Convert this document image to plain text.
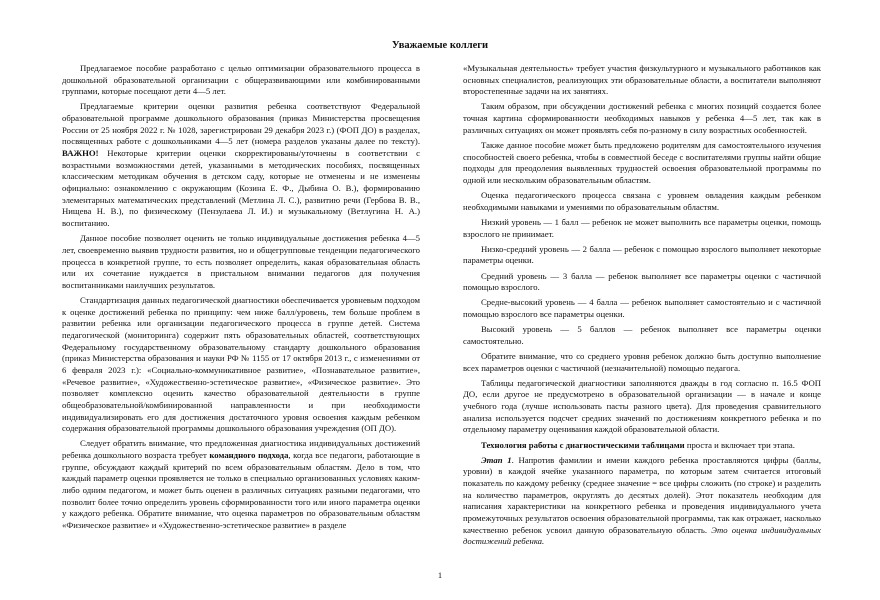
Уважаемые коллеги

Предлагаемое пособие разработано с целью оптимизации образовательного процесса в дошкольной образовательной организации с общеразвивающими или комбинированными группами, которые посещают дети 4—5 лет.

Предлагаемые критерии оценки развития ребенка соответствуют Федеральной образовательной программе дошкольного образования (приказ Министерства просвещения России от 25 ноября 2022 г. № 1028, зарегистрирован 29 декабря 2023 г.) (ФОП ДО) в разделах, посвященных работе с дошкольниками 4—5 лет (номера разделов указаны далее по тексту). ВАЖНО! Некоторые критерии оценки скорректированы/уточнены в соответствии с возрастными возможностями детей, указанными в методических пособиях, посвященных классическим методикам обучения в детском саду, которые не отменены и не изменены официально: ознакомлению с окружающим (Козина Е. Ф., Дыбина О. В.), формированию элементарных математических представлений (Метлина Л. С.), развитию речи (Гербова В. В., Нищева Н. В.), по физическому (Пензулаева Л. И.) и музыкальному (Ветлугина Н. А.) воспитанию.

Данное пособие позволяет оценить не только индивидуальные достижения ребенка 4—5 лет, своевременно выявив трудности развития, но и общегрупповые тенденции педагогического процесса в конкретной группе, то есть позволяет определить, какая образовательная область или их сочетание нуждается в пристальном внимании педагогов для получения воспитанниками наилучших результатов.

Стандартизация данных педагогической диагностики обеспечивается уровневым подходом к оценке достижений ребенка по принципу: чем ниже балл/уровень, тем больше проблем в развитии ребенка или организации педагогического процесса в группе детей. Система педагогической (мониторинга) содержит пять образовательных областей, соответствующих Федеральному государственному образовательному стандарту дошкольного образования (приказ Министерства образования и науки РФ № 1155 от 17 октября 2013 г., с изменениями от 6 февраля 2023 г.): «Социально-коммуникативное развитие», «Познавательное развитие», «Речевое развитие», «Художественно-эстетическое развитие», «Физическое развитие». Это позволяет комплексно оценить качество образовательной деятельности в группе общеобразовательной/комбинированной направленности и при необходимости индивидуализировать его для достижения достаточного уровня освоения каждым ребенком содержания образовательной программы дошкольного образования учреждения (ОП ДО).

Следует обратить внимание, что предложенная диагностика индивидуальных достижений ребенка дошкольного возраста требует командного подхода, когда все педагоги, работающие в группе, обсуждают каждый критерий по всем образовательным областям. Дело в том, что каждый параметр оценки проявляется не только в специально организованных условиях каким-либо одним педагогом, и может быть оценен в различных ситуациях разными педагогами, что позволит более точно определить уровень сформированности того или иного параметра оценки у каждого ребенка. Обратите внимание, что оценка параметров по образовательным областям «Физическое развитие» и «Художественно-эстетическое развитие» в разделе

«Музыкальная деятельность» требует участия физкультурного и музыкального работников как основных специалистов, реализующих эти образовательные области, а воспитатели выполняют второстепенные задачи на их занятиях.

Таким образом, при обсуждении достижений ребенка с многих позиций создается более точная картина сформированности необходимых навыков у ребенка 4—5 лет, так как в различных ситуациях он может проявлять себя по-разному в силу возрастных особенностей.

Также данное пособие может быть предложено родителям для самостоятельного изучения способностей своего ребенка, чтобы в совместной беседе с воспитателями группы найти общие подходы для преодоления выявленных трудностей освоения образовательной программы по одной или нескольким образовательным областям.

Оценка педагогического процесса связана с уровнем овладения каждым ребенком необходимыми навыками и умениями по образовательным областям.

Низкий уровень — 1 балл — ребенок не может выполнить все параметры оценки, помощь взрослого не принимает.

Низко-средний уровень — 2 балла — ребенок с помощью взрослого выполняет некоторые параметры оценки.

Средний уровень — 3 балла — ребенок выполняет все параметры оценки с частичной помощью взрослого.

Средне-высокий уровень — 4 балла — ребенок выполняет самостоятельно и с частичной помощью взрослого все параметры оценки.

Высокий уровень — 5 баллов — ребенок выполняет все параметры оценки самостоятельно.

Обратите внимание, что со среднего уровня ребенок должно быть доступно выполнение всех параметров оценки с частичной (незначительной) помощью педагога.

Таблицы педагогической диагностики заполняются дважды в год согласно п. 16.5 ФОП ДО, если другое не предусмотрено в образовательной организации — в начале и конце учебного года (лучше использовать пасты разного цвета). Для проведения сравнительного анализа используется подсчет средних значений по достижениям конкретного ребенка и по отдельному параметру оценивания каждой образовательной области.

Технология работы с диагностическими таблицами проста и включает три этапа.

Этап 1. Напротив фамилии и имени каждого ребенка проставляются цифры (баллы, уровни) в каждой ячейке указанного параметра, по которым затем считается итоговый показатель по каждому ребенку (среднее значение = все цифры сложить (по строке) и разделить на количество параметров, округлять до десятых долей). Этот показатель необходим для написания характеристики на конкретного ребенка и проведения индивидуального учета промежуточных результатов освоения образовательной программы, так как отражает, насколько качественно ребенок усвоил данную образовательную область. Это оценка индивидуальных достижений ребенка.

1
